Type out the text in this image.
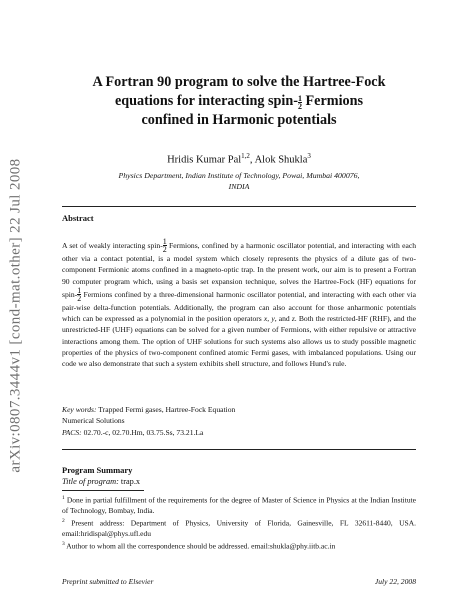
arXiv:0807.3444v1 [cond-mat.other] 22 Jul 2008
A Fortran 90 program to solve the Hartree-Fock
equations for interacting spin- $\frac{1}{2}$ Fermions
confined in Harmonic potentials
Hridis Kumar Pal$^{1,2}$, Alok Shukla$^3$
Physics Department, Indian Institute of Technology, Powai, Mumbai 400076,
INDIA
Abstract

A set of weakly interacting spin- $\frac{1}{2}$ Fermions, confined by a harmonic oscillator potential, and interacting with each other via a contact potential, is a model system which closely represents the physics of a dilute gas of two-component Fermionic atoms confined in a magneto-optic trap. In the present work, our aim is to present a Fortran 90 computer program which, using a basis set expansion technique, solves the Hartree-Fock (HF) equations for spin- $\frac{1}{2}$ Fermions confined by a three-dimensional harmonic oscillator potential, and interacting with each other via pair-wise delta-function potentials. Additionally, the program can also account for those anharmonic potentials which can be expressed as a polynomial in the position operators x, y, and z. Both the restricted-HF (RHF), and the unrestricted-HF (UHF) equations can be solved for a given number of Fermions, with either repulsive or attractive interactions among them. The option of UHF solutions for such systems also allows us to study possible magnetic properties of the physics of two-component confined atomic Fermi gases, with imbalanced populations. Using our code we also demonstrate that such a system exhibits shell structure, and follows Hund's rule.

Key words: Trapped Fermi gases, Hartree-Fock Equation
Numerical Solutions
PACS: 02.70.-c, 02.70.Hm, 03.75.Ss, 73.21.La
Program Summary
Title of program: trap.x

$^1$ Done in partial fulfillment of the requirements for the degree of Master of Science in Physics at the Indian Institute of Technology, Bombay, India.

$^2$ Present address: Department of Physics, University of Florida, Gainesville, FL 32611-8440, USA. email:hridispal@phys.ufl.edu

$^3$ Author to whom all the correspondence should be addressed. email:shukla@phy.iitb.ac.in

Preprint submitted to Elsevier	July 22, 2008
